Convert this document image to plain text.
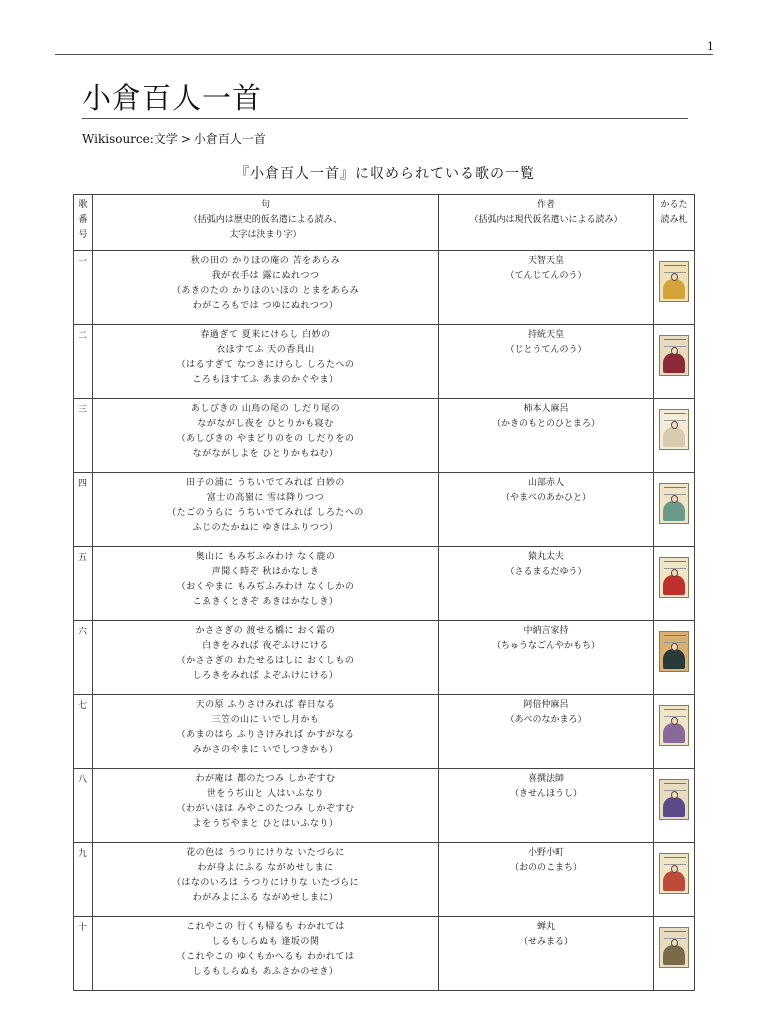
1
小倉百人一首
Wikisource:文学 > 小倉百人一首
『小倉百人一首』に収められている歌の一覧
歌
番
号	句
（括弧内は歴史的仮名遣による読み、
太字は決まり字）	作者
（括弧内は現代仮名遣いによる読み）	かるた
読み札

一	秋の田の かりほの庵の 苫をあらみ
我が衣手は 露にぬれつつ
（あきのたの かりほのいほの とまをあらみ
わがころもでは つゆにぬれつつ）	天智天皇
（てんじてんのう）	

二	春過ぎて 夏来にけらし 白妙の
衣ほすてふ 天の香具山
（はるすぎて なつきにけらし しろたへの
ころもほすてふ あまのかぐやま）	持統天皇
（じとうてんのう）	

三	あしびきの 山鳥の尾の しだり尾の
ながながし夜を ひとりかも寝む
（あしびきの やまどりのをの しだりをの
ながながしよを ひとりかもねむ）	柿本人麻呂
（かきのもとのひとまろ）	

四	田子の浦に うちいでてみれば 白妙の
富士の高嶺に 雪は降りつつ
（たごのうらに うちいでてみれば しろたへの
ふじのたかねに ゆきはふりつつ）	山部赤人
（やまべのあかひと）	

五	奥山に もみぢふみわけ なく鹿の
声聞く時ぞ 秋はかなしき
（おくやまに もみぢふみわけ なくしかの
こゑきくときぞ あきはかなしき）	猿丸太夫
（さるまるだゆう）	

六	かささぎの 渡せる橋に おく霜の
白きをみれば 夜ぞふけにける
（かささぎの わたせるはしに おくしもの
しろきをみれば よぞふけにける）	中納言家持
（ちゅうなごんやかもち）	

七	天の原 ふりさけみれば 春日なる
三笠の山に いでし月かも
（あまのはら ふりさけみれば かすがなる
みかさのやまに いでしつきかも）	阿倍仲麻呂
（あべのなかまろ）	

八	わが庵は 都のたつみ しかぞすむ
世をうぢ山と 人はいふなり
（わがいほは みやこのたつみ しかぞすむ
よをうぢやまと ひとはいふなり）	喜撰法師
（きせんほうし）	

九	花の色は うつりにけりな いたづらに
わが身よにふる ながめせしまに
（はなのいろは うつりにけりな いたづらに
わがみよにふる ながめせしまに）	小野小町
（おののこまち）	

十	これやこの 行くも帰るも わかれては
しるもしらぬも 逢坂の関
（これやこの ゆくもかへるも わかれては
しるもしらぬも あふさかのせき）	蝉丸
（せみまる）	
